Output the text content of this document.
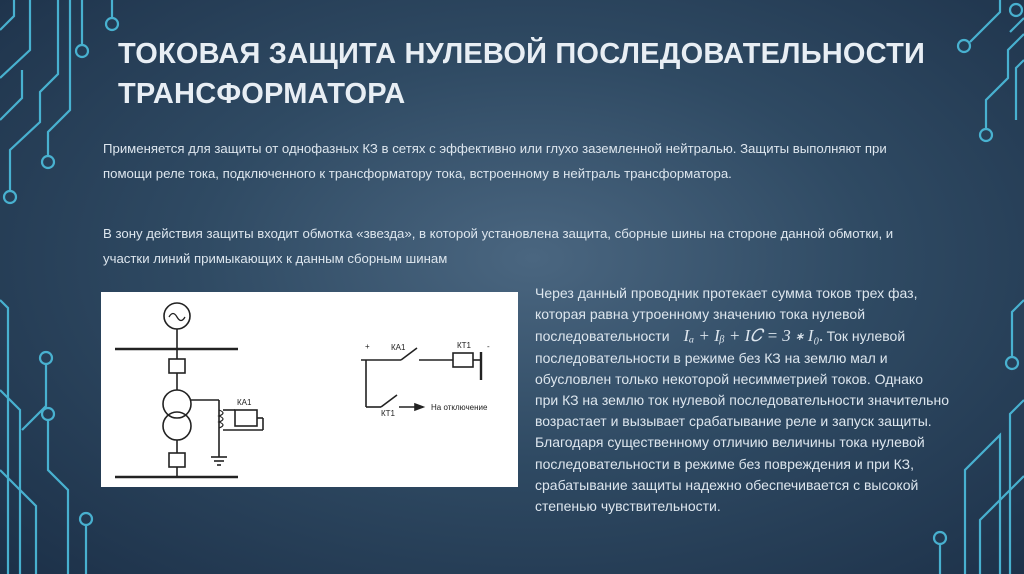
ТОКОВАЯ ЗАЩИТА НУЛЕВОЙ ПОСЛЕДОВАТЕЛЬНОСТИ ТРАНСФОРМАТОРА
Применяется для защиты от однофазных КЗ в сетях с эффективно или глухо заземленной нейтралью. Защиты выполняют при помощи реле тока, подключенного к трансформатору тока, встроенному в нейтраль трансформатора.
В зону действия защиты входит обмотка «звезда», в которой установлена защита, сборные шины на стороне данной обмотки, и участки линий примыкающих к данным сборным шинам
+	-
КА1	КТ1
КТ1
На отключение
КА1
Через данный проводник протекает сумма токов трех фаз, которая равна утроенному значению тока нулевой последовательности Iₐ + Iᵦ + I𝐶 = 3 ∗ I₀. Ток нулевой последовательности в режиме без КЗ на землю мал и обусловлен только некоторой несимметрией токов. Однако при КЗ на землю ток нулевой последовательности значительно возрастает и вызывает срабатывание реле и запуск защиты. Благодаря существенному отличию величины тока нулевой последовательности в режиме без повреждения и при КЗ, срабатывание защиты надежно обеспечивается с высокой степенью чувствительности.
